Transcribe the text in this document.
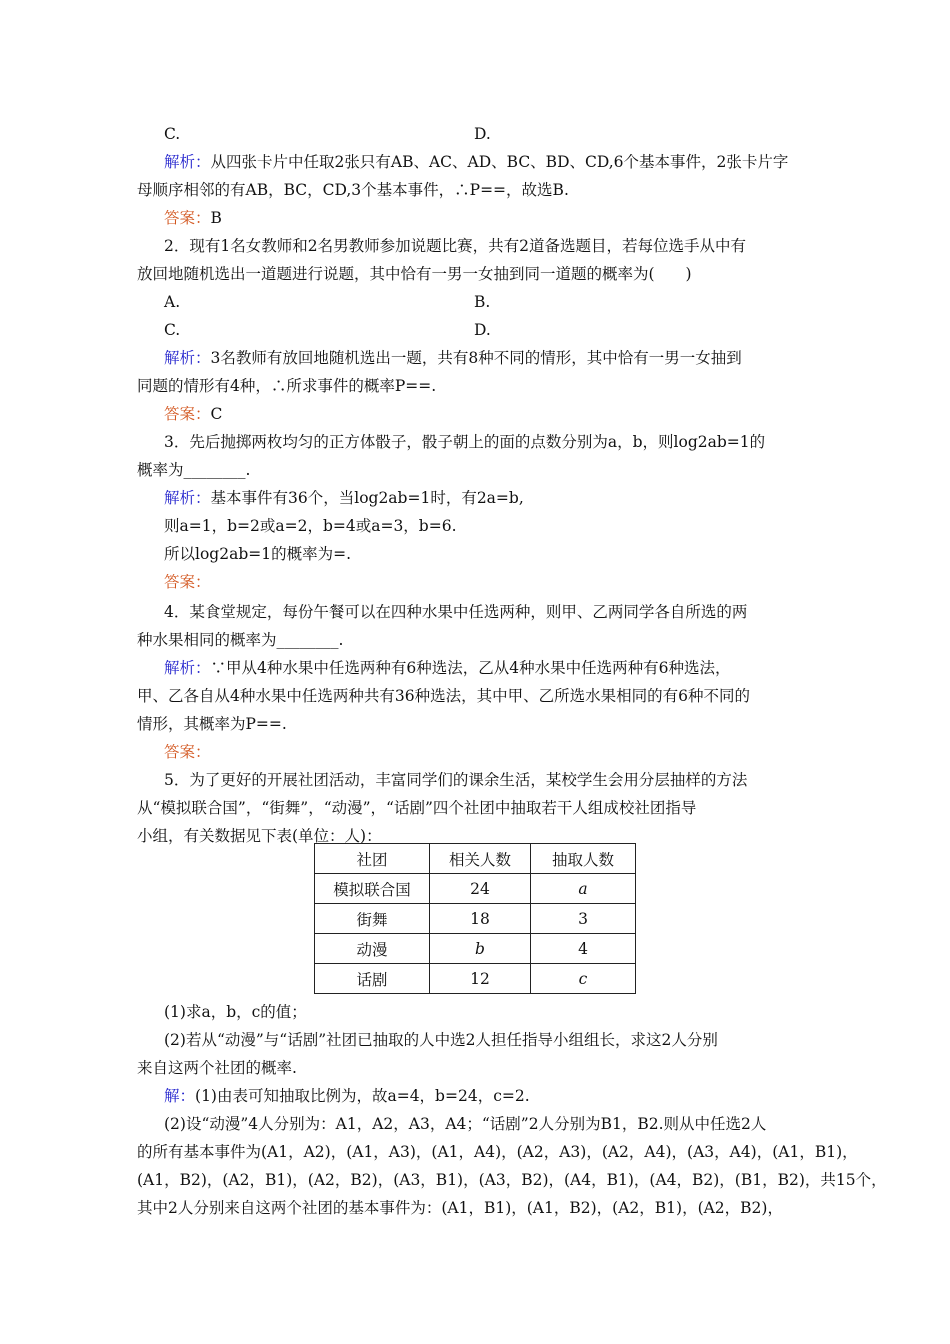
C.	D.
解析：从四张卡片中任取2张只有AB、AC、AD、BC、BD、CD,6个基本事件，2张卡片字
母顺序相邻的有AB，BC，CD,3个基本事件，∴P==，故选B.
答案：B
2．现有1名女教师和2名男教师参加说题比赛，共有2道备选题目，若每位选手从中有
放回地随机选出一道题进行说题，其中恰有一男一女抽到同一道题的概率为(　　)
A.	B.
C.	D.
解析：3名教师有放回地随机选出一题，共有8种不同的情形，其中恰有一男一女抽到
同题的情形有4种，∴所求事件的概率P==.
答案：C
3．先后抛掷两枚均匀的正方体骰子，骰子朝上的面的点数分别为a，b，则log2ab=1的
概率为________.
解析：基本事件有36个，当log2ab=1时，有2a=b,
则a=1，b=2或a=2，b=4或a=3，b=6.
所以log2ab=1的概率为=.
答案：
4．某食堂规定，每份午餐可以在四种水果中任选两种，则甲、乙两同学各自所选的两
种水果相同的概率为________.
解析：∵甲从4种水果中任选两种有6种选法，乙从4种水果中任选两种有6种选法，
甲、乙各自从4种水果中任选两种共有36种选法，其中甲、乙所选水果相同的有6种不同的
情形，其概率为P==.
答案：
5．为了更好的开展社团活动，丰富同学们的课余生活，某校学生会用分层抽样的方法
从“模拟联合国”，“街舞”，“动漫”，“话剧”四个社团中抽取若干人组成校社团指导
小组，有关数据见下表(单位：人)：
社团	相关人数	抽取人数
模拟联合国	24	a
街舞	18	3
动漫	b	4
话剧	12	c
(1)求a，b，c的值；
(2)若从“动漫”与“话剧”社团已抽取的人中选2人担任指导小组组长，求这2人分别
来自这两个社团的概率.
解：(1)由表可知抽取比例为，故a=4，b=24，c=2.
(2)设“动漫”4人分别为：A1，A2，A3，A4；“话剧”2人分别为B1，B2.则从中任选2人
的所有基本事件为(A1，A2)，(A1，A3)，(A1，A4)，(A2，A3)，(A2，A4)，(A3，A4)，(A1，B1)，
(A1，B2)，(A2，B1)，(A2，B2)，(A3，B1)，(A3，B2)，(A4，B1)，(A4，B2)，(B1，B2)，共15个，
其中2人分别来自这两个社团的基本事件为：(A1，B1)，(A1，B2)，(A2，B1)，(A2，B2)，
